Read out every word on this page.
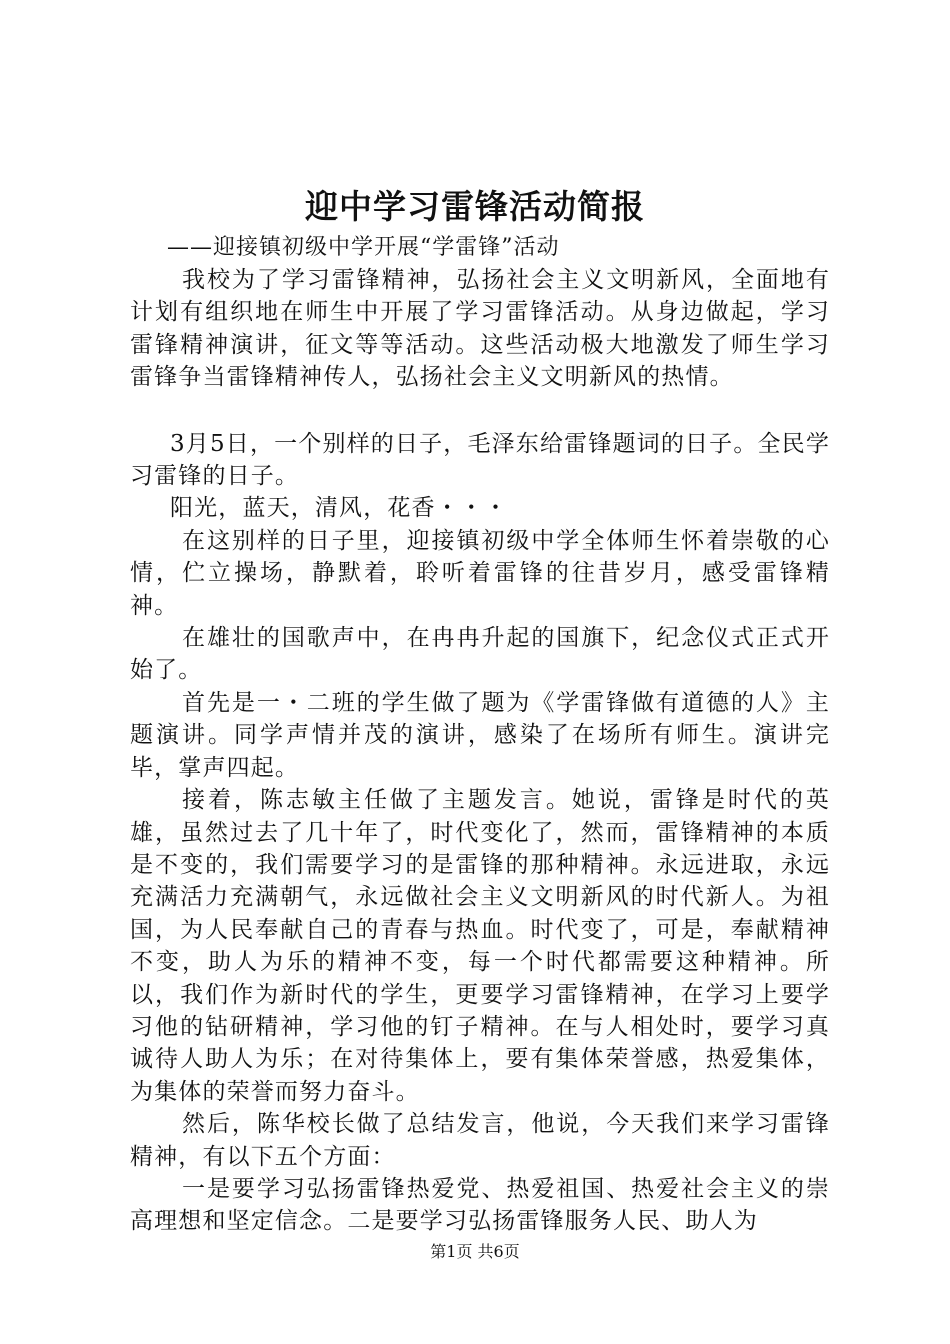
迎中学习雷锋活动简报
——迎接镇初级中学开展“学雷锋”活动

我校为了学习雷锋精神，弘扬社会主义文明新风，全面地有计划有组织地在师生中开展了学习雷锋活动。从身边做起，学习雷锋精神演讲，征文等等活动。这些活动极大地激发了师生学习雷锋争当雷锋精神传人，弘扬社会主义文明新风的热情。

3月5日，一个别样的日子，毛泽东给雷锋题词的日子。全民学习雷锋的日子。

阳光，蓝天，清风，花香・・・

在这别样的日子里，迎接镇初级中学全体师生怀着崇敬的心情，伫立操场，静默着，聆听着雷锋的往昔岁月，感受雷锋精神。

在雄壮的国歌声中，在冉冉升起的国旗下，纪念仪式正式开始了。

首先是一・二班的学生做了题为《学雷锋做有道德的人》主题演讲。同学声情并茂的演讲，感染了在场所有师生。演讲完毕，掌声四起。

接着，陈志敏主任做了主题发言。她说，雷锋是时代的英雄，虽然过去了几十年了，时代变化了，然而，雷锋精神的本质是不变的，我们需要学习的是雷锋的那种精神。永远进取，永远充满活力充满朝气，永远做社会主义文明新风的时代新人。为祖国，为人民奉献自己的青春与热血。时代变了，可是，奉献精神不变，助人为乐的精神不变，每一个时代都需要这种精神。所以，我们作为新时代的学生，更要学习雷锋精神，在学习上要学习他的钻研精神，学习他的钉子精神。在与人相处时，要学习真诚待人助人为乐；在对待集体上，要有集体荣誉感，热爱集体，为集体的荣誉而努力奋斗。

然后，陈华校长做了总结发言，他说，今天我们来学习雷锋精神，有以下五个方面：

一是要学习弘扬雷锋热爱党、热爱祖国、热爱社会主义的崇高理想和坚定信念。二是要学习弘扬雷锋服务人民、助人为

第1页 共6页
